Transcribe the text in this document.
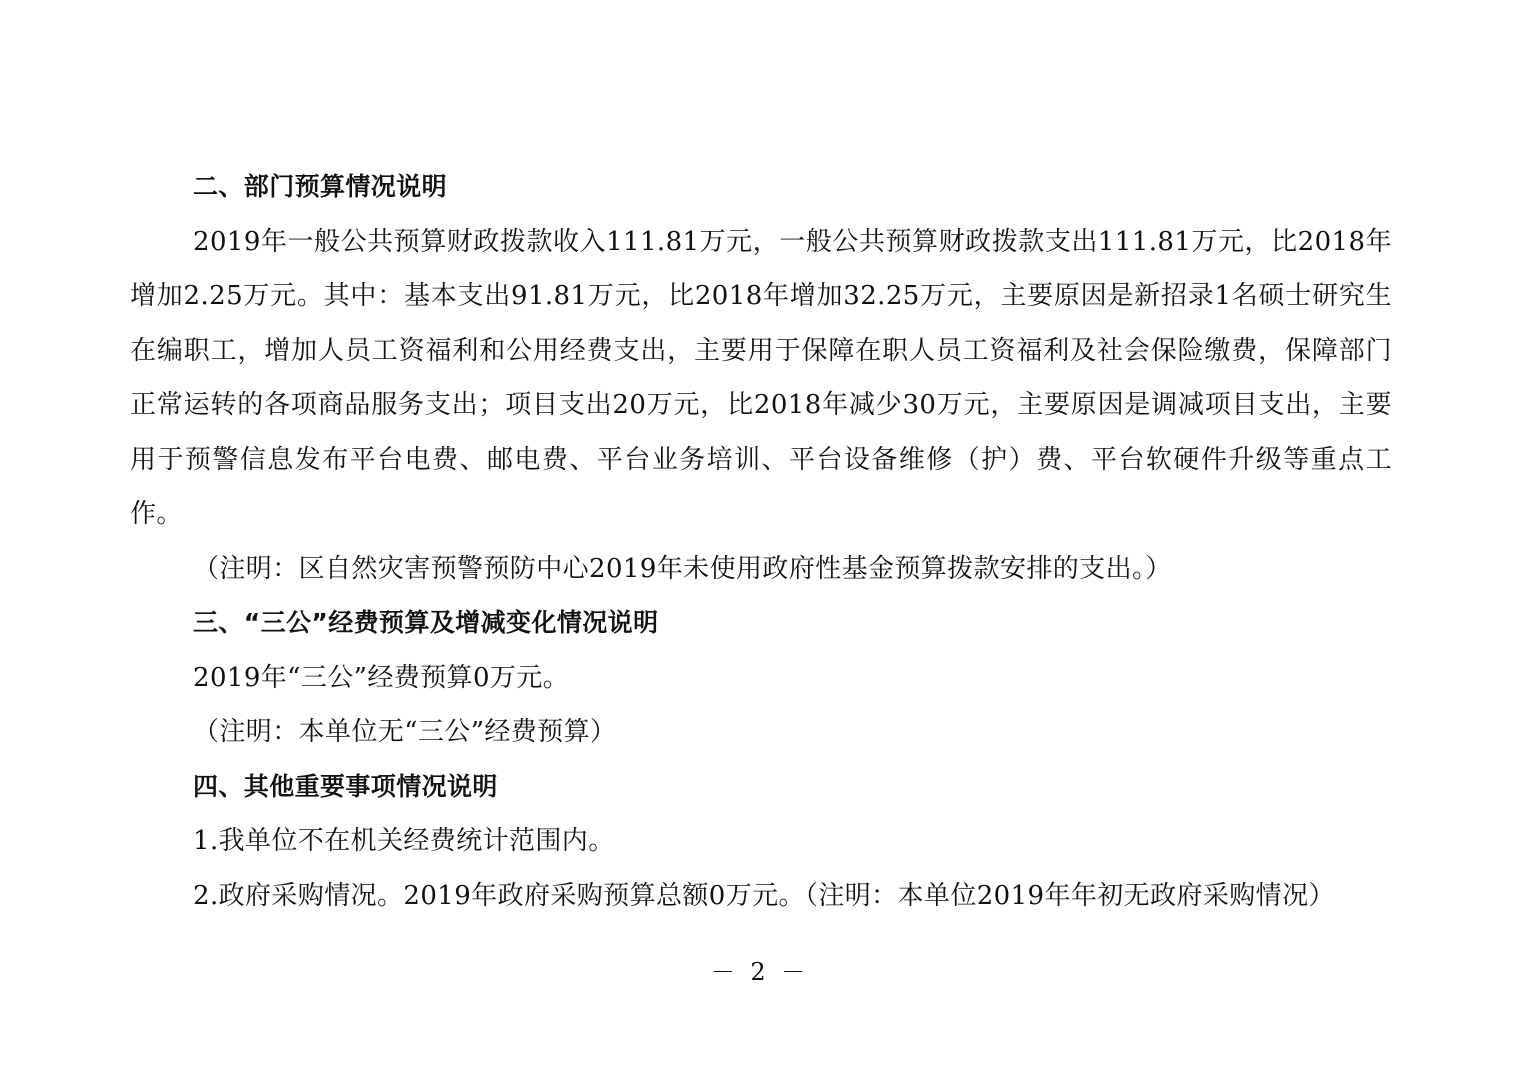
二、部门预算情况说明

2019年一般公共预算财政拨款收入111.81万元，一般公共预算财政拨款支出111.81万元，比2018年增加2.25万元。其中：基本支出91.81万元，比2018年增加32.25万元，主要原因是新招录1名硕士研究生在编职工，增加人员工资福利和公用经费支出，主要用于保障在职人员工资福利及社会保险缴费，保障部门正常运转的各项商品服务支出；项目支出20万元，比2018年减少30万元，主要原因是调减项目支出，主要用于预警信息发布平台电费、邮电费、平台业务培训、平台设备维修（护）费、平台软硬件升级等重点工作。

（注明：区自然灾害预警预防中心2019年未使用政府性基金预算拨款安排的支出。）

三、“三公”经费预算及增减变化情况说明

2019年“三公”经费预算0万元。

（注明：本单位无“三公”经费预算）

四、其他重要事项情况说明

1.我单位不在机关经费统计范围内。

2.政府采购情况。2019年政府采购预算总额0万元。（注明：本单位2019年年初无政府采购情况）

－ 2 －
